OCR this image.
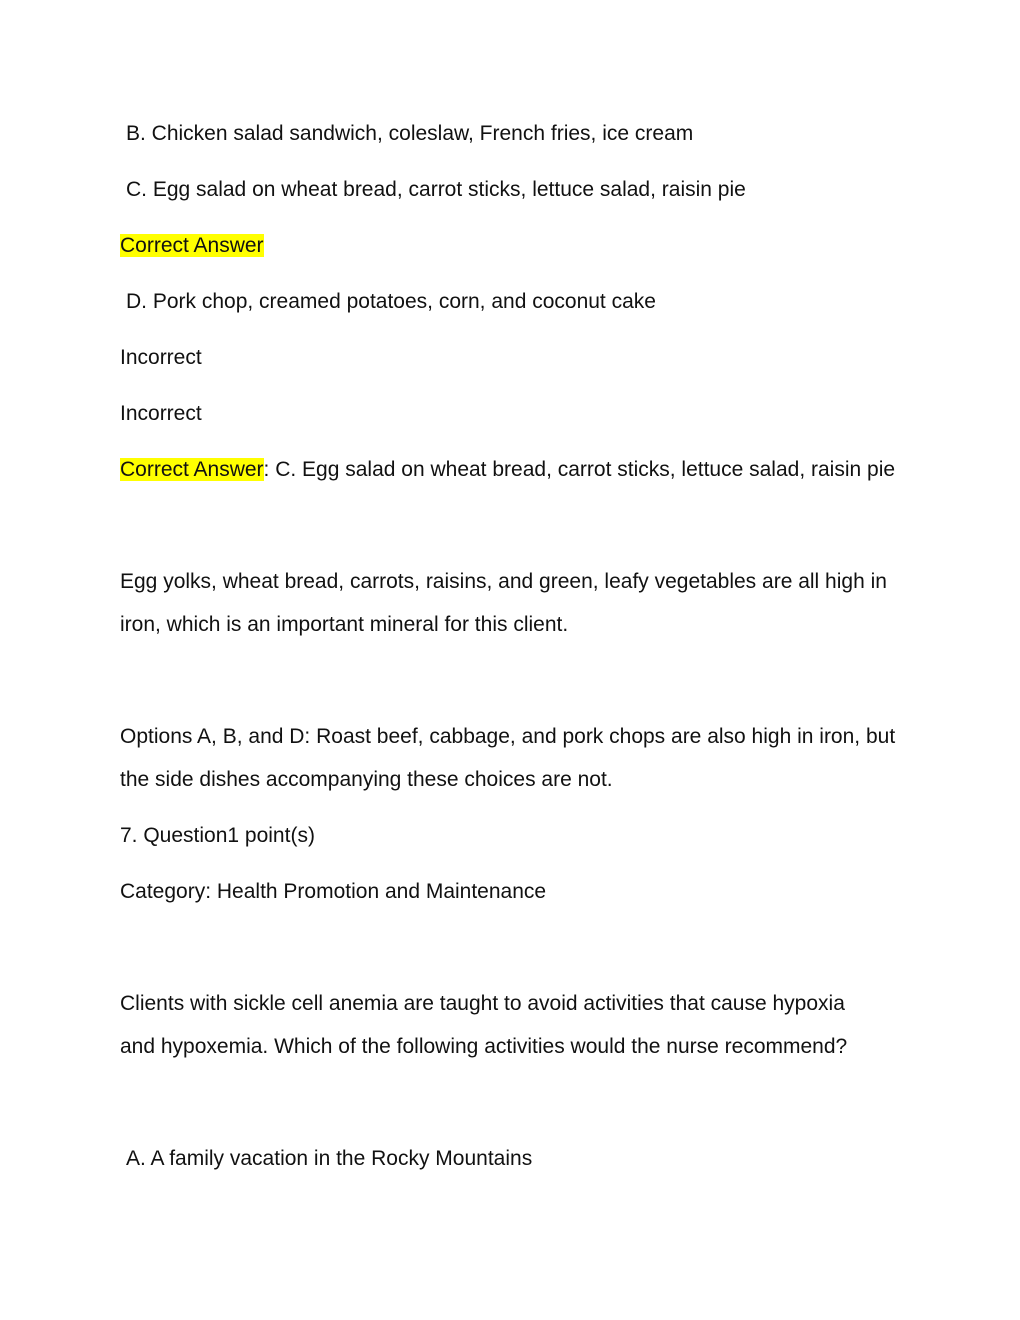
B. Chicken salad sandwich, coleslaw, French fries, ice cream
C. Egg salad on wheat bread, carrot sticks, lettuce salad, raisin pie
Correct Answer
D. Pork chop, creamed potatoes, corn, and coconut cake
Incorrect
Incorrect
Correct Answer: C. Egg salad on wheat bread, carrot sticks, lettuce salad, raisin pie
Egg yolks, wheat bread, carrots, raisins, and green, leafy vegetables are all high in
iron, which is an important mineral for this client.
Options A, B, and D: Roast beef, cabbage, and pork chops are also high in iron, but
the side dishes accompanying these choices are not.
7. Question1 point(s)
Category: Health Promotion and Maintenance
Clients with sickle cell anemia are taught to avoid activities that cause hypoxia
and hypoxemia. Which of the following activities would the nurse recommend?
A. A family vacation in the Rocky Mountains
